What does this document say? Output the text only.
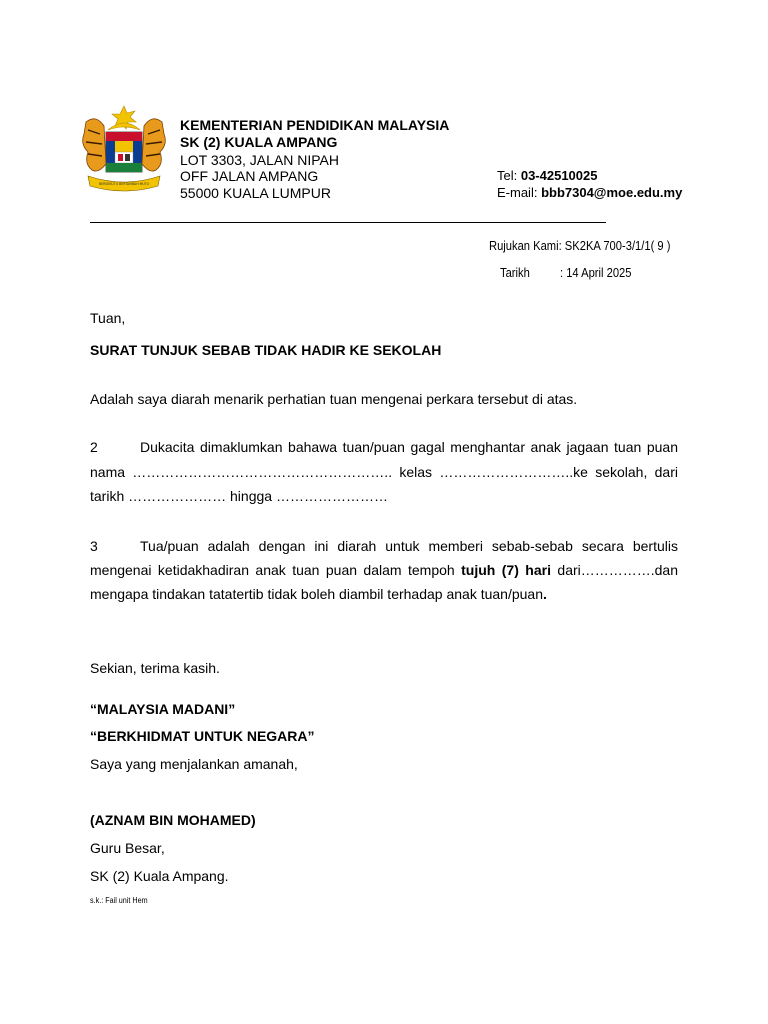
BERSEKUTU BERTAMBAH MUTU
KEMENTERIAN PENDIDIKAN MALAYSIA
SK (2) KUALA AMPANG
LOT 3303, JALAN NIPAH
OFF JALAN AMPANG
55000 KUALA LUMPUR
Tel: 03-42510025
E-mail: bbb7304@moe.edu.my
Rujukan Kami: SK2KA 700-3/1/1( 9 )
Tarikh : 14 April 2025
Tuan,
SURAT TUNJUK SEBAB TIDAK HADIR KE SEKOLAH
Adalah saya diarah menarik perhatian tuan mengenai perkara tersebut di atas.
2	Dukacita dimaklumkan bahawa tuan/puan gagal menghantar anak jagaan tuan puan
nama ……………………………………………….. kelas ………………………..ke sekolah, dari
tarikh ………………… hingga ……………………
3	Tua/puan adalah dengan ini diarah untuk memberi sebab-sebab secara bertulis
mengenai ketidakhadiran anak tuan puan dalam tempoh tujuh (7) hari dari…………….dan
mengapa tindakan tatatertib tidak boleh diambil terhadap anak tuan/puan.
Sekian, terima kasih.
“MALAYSIA MADANI”
“BERKHIDMAT UNTUK NEGARA”
Saya yang menjalankan amanah,
(AZNAM BIN MOHAMED)
Guru Besar,
SK (2) Kuala Ampang.
s.k.: Fail unit Hem
